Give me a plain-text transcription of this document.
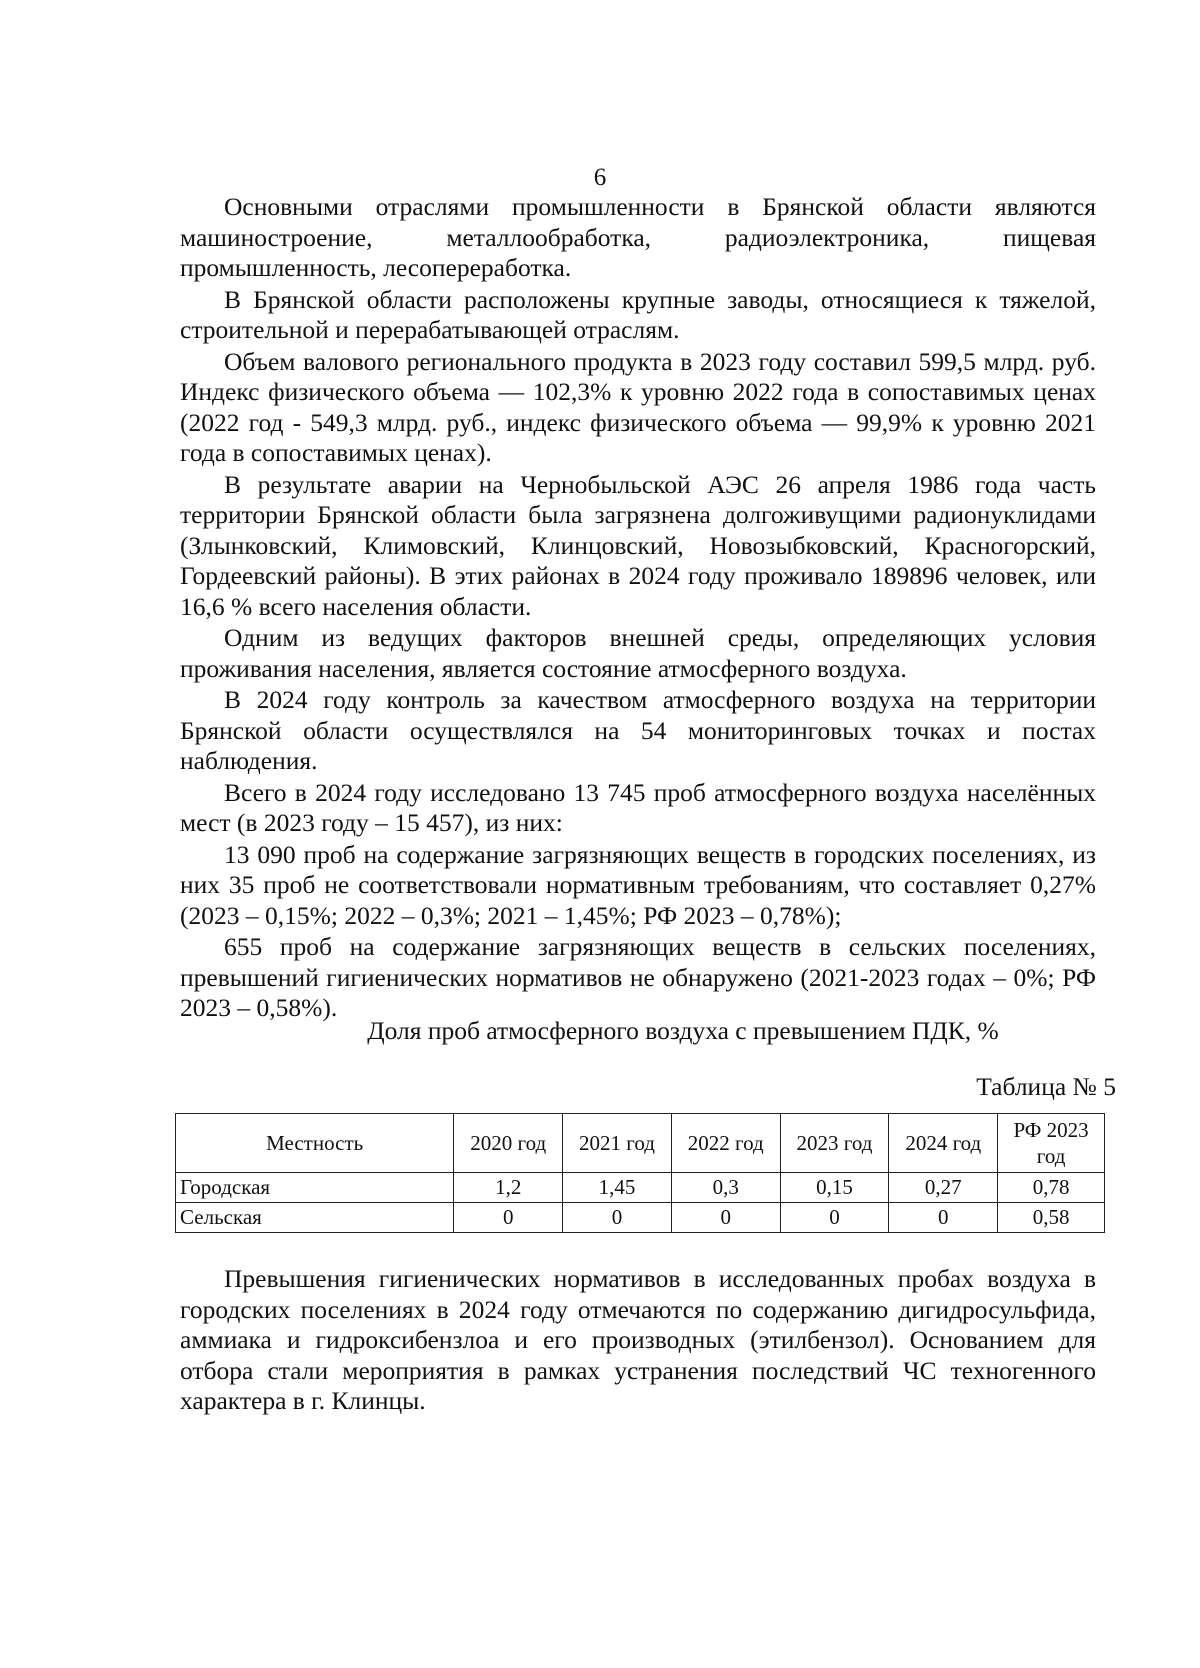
6

Основными отраслями промышленности в Брянской области являются машиностроение, металлообработка, радиоэлектроника, пищевая промышленность, лесопереработка.

В Брянской области расположены крупные заводы, относящиеся к тяжелой, строительной и перерабатывающей отраслям.

Объем валового регионального продукта в 2023 году составил 599,5 млрд. руб. Индекс физического объема — 102,3% к уровню 2022 года в сопоставимых ценах (2022 год - 549,3 млрд. руб., индекс физического объема — 99,9% к уровню 2021 года в сопоставимых ценах).

В результате аварии на Чернобыльской АЭС 26 апреля 1986 года часть территории Брянской области была загрязнена долгоживущими радионуклидами (Злынковский, Климовский, Клинцовский, Новозыбковский, Красногорский, Гордеевский районы). В этих районах в 2024 году проживало 189896 человек, или 16,6 % всего населения области.

Одним из ведущих факторов внешней среды, определяющих условия проживания населения, является состояние атмосферного воздуха.

В 2024 году контроль за качеством атмосферного воздуха на территории Брянской области осуществлялся на 54 мониторинговых точках и постах наблюдения.

Всего в 2024 году исследовано 13 745 проб атмосферного воздуха населённых мест (в 2023 году – 15 457), из них:

13 090 проб на содержание загрязняющих веществ в городских поселениях, из них 35 проб не соответствовали нормативным требованиям, что составляет 0,27% (2023 – 0,15%; 2022 – 0,3%; 2021 – 1,45%; РФ 2023 – 0,78%);

655 проб на содержание загрязняющих веществ в сельских поселениях, превышений гигиенических нормативов не обнаружено (2021-2023 годах – 0%; РФ 2023 – 0,58%).

Доля проб атмосферного воздуха с превышением ПДК, %
Таблица № 5
Местность	2020 год	2021 год	2022 год	2023 год	2024 год	РФ 2023 год
Городская	1,2	1,45	0,3	0,15	0,27	0,78
Сельская	0	0	0	0	0	0,58

Превышения гигиенических нормативов в исследованных пробах воздуха в городских поселениях в 2024 году отмечаются по содержанию дигидросульфида, аммиака и гидроксибензлоа и его производных (этилбензол). Основанием для отбора стали мероприятия в рамках устранения последствий ЧС техногенного характера в г. Клинцы.
